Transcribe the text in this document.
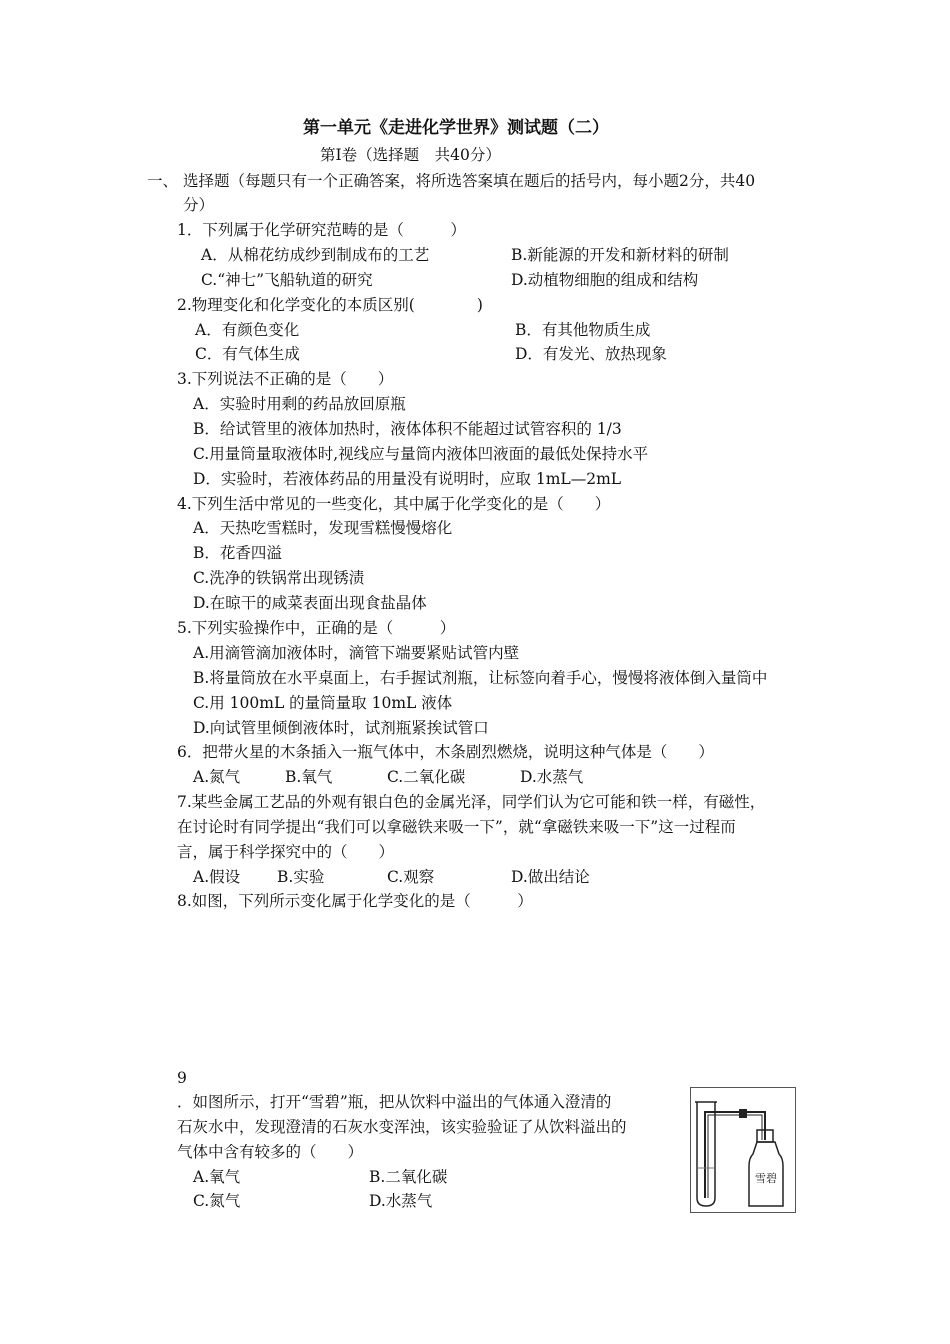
第一单元《走进化学世界》测试题（二）
第Ⅰ卷（选择题　共40分）
一、 选择题（每题只有一个正确答案，将所选答案填在题后的括号内，每小题2分，共40
分）
1．下列属于化学研究范畴的是（　　　）
A．从棉花纺成纱到制成布的工艺	B.新能源的开发和新材料的研制
C.“神七”飞船轨道的研究	D.动植物细胞的组成和结构
2.物理变化和化学变化的本质区别(　　　　)
A．有颜色变化	B．有其他物质生成
C．有气体生成	D．有发光、放热现象
3.下列说法不正确的是（　　）
A．实验时用剩的药品放回原瓶
B．给试管里的液体加热时，液体体积不能超过试管容积的 1/3
C.用量筒量取液体时,视线应与量筒内液体凹液面的最低处保持水平
D．实验时，若液体药品的用量没有说明时，应取 1mL—2mL
4.下列生活中常见的一些变化，其中属于化学变化的是（　　）
A．天热吃雪糕时，发现雪糕慢慢熔化
B．花香四溢
C.洗净的铁锅常出现锈渍
D.在晾干的咸菜表面出现食盐晶体
5.下列实验操作中，正确的是（　　　）
A.用滴管滴加液体时，滴管下端要紧贴试管内壁
B.将量筒放在水平桌面上，右手握试剂瓶，让标签向着手心，慢慢将液体倒入量筒中
C.用 100mL 的量筒量取 10mL 液体
D.向试管里倾倒液体时，试剂瓶紧挨试管口
6．把带火星的木条插入一瓶气体中，木条剧烈燃烧，说明这种气体是（　　）
A.氮气	B.氧气	C.二氧化碳	D.水蒸气
7.某些金属工艺品的外观有银白色的金属光泽，同学们认为它可能和铁一样，有磁性，
在讨论时有同学提出“我们可以拿磁铁来吸一下”，就“拿磁铁来吸一下”这一过程而
言，属于科学探究中的（　　）
A.假设 B.实验	C.观察	D.做出结论
8.如图，下列所示变化属于化学变化的是（　　　）
9
．如图所示，打开“雪碧”瓶，把从饮料中溢出的气体通入澄清的
石灰水中，发现澄清的石灰水变浑浊，该实验验证了从饮料溢出的
气体中含有较多的（　　）
A.氧气	B.二氧化碳
C.氮气	D.水蒸气
雪碧
